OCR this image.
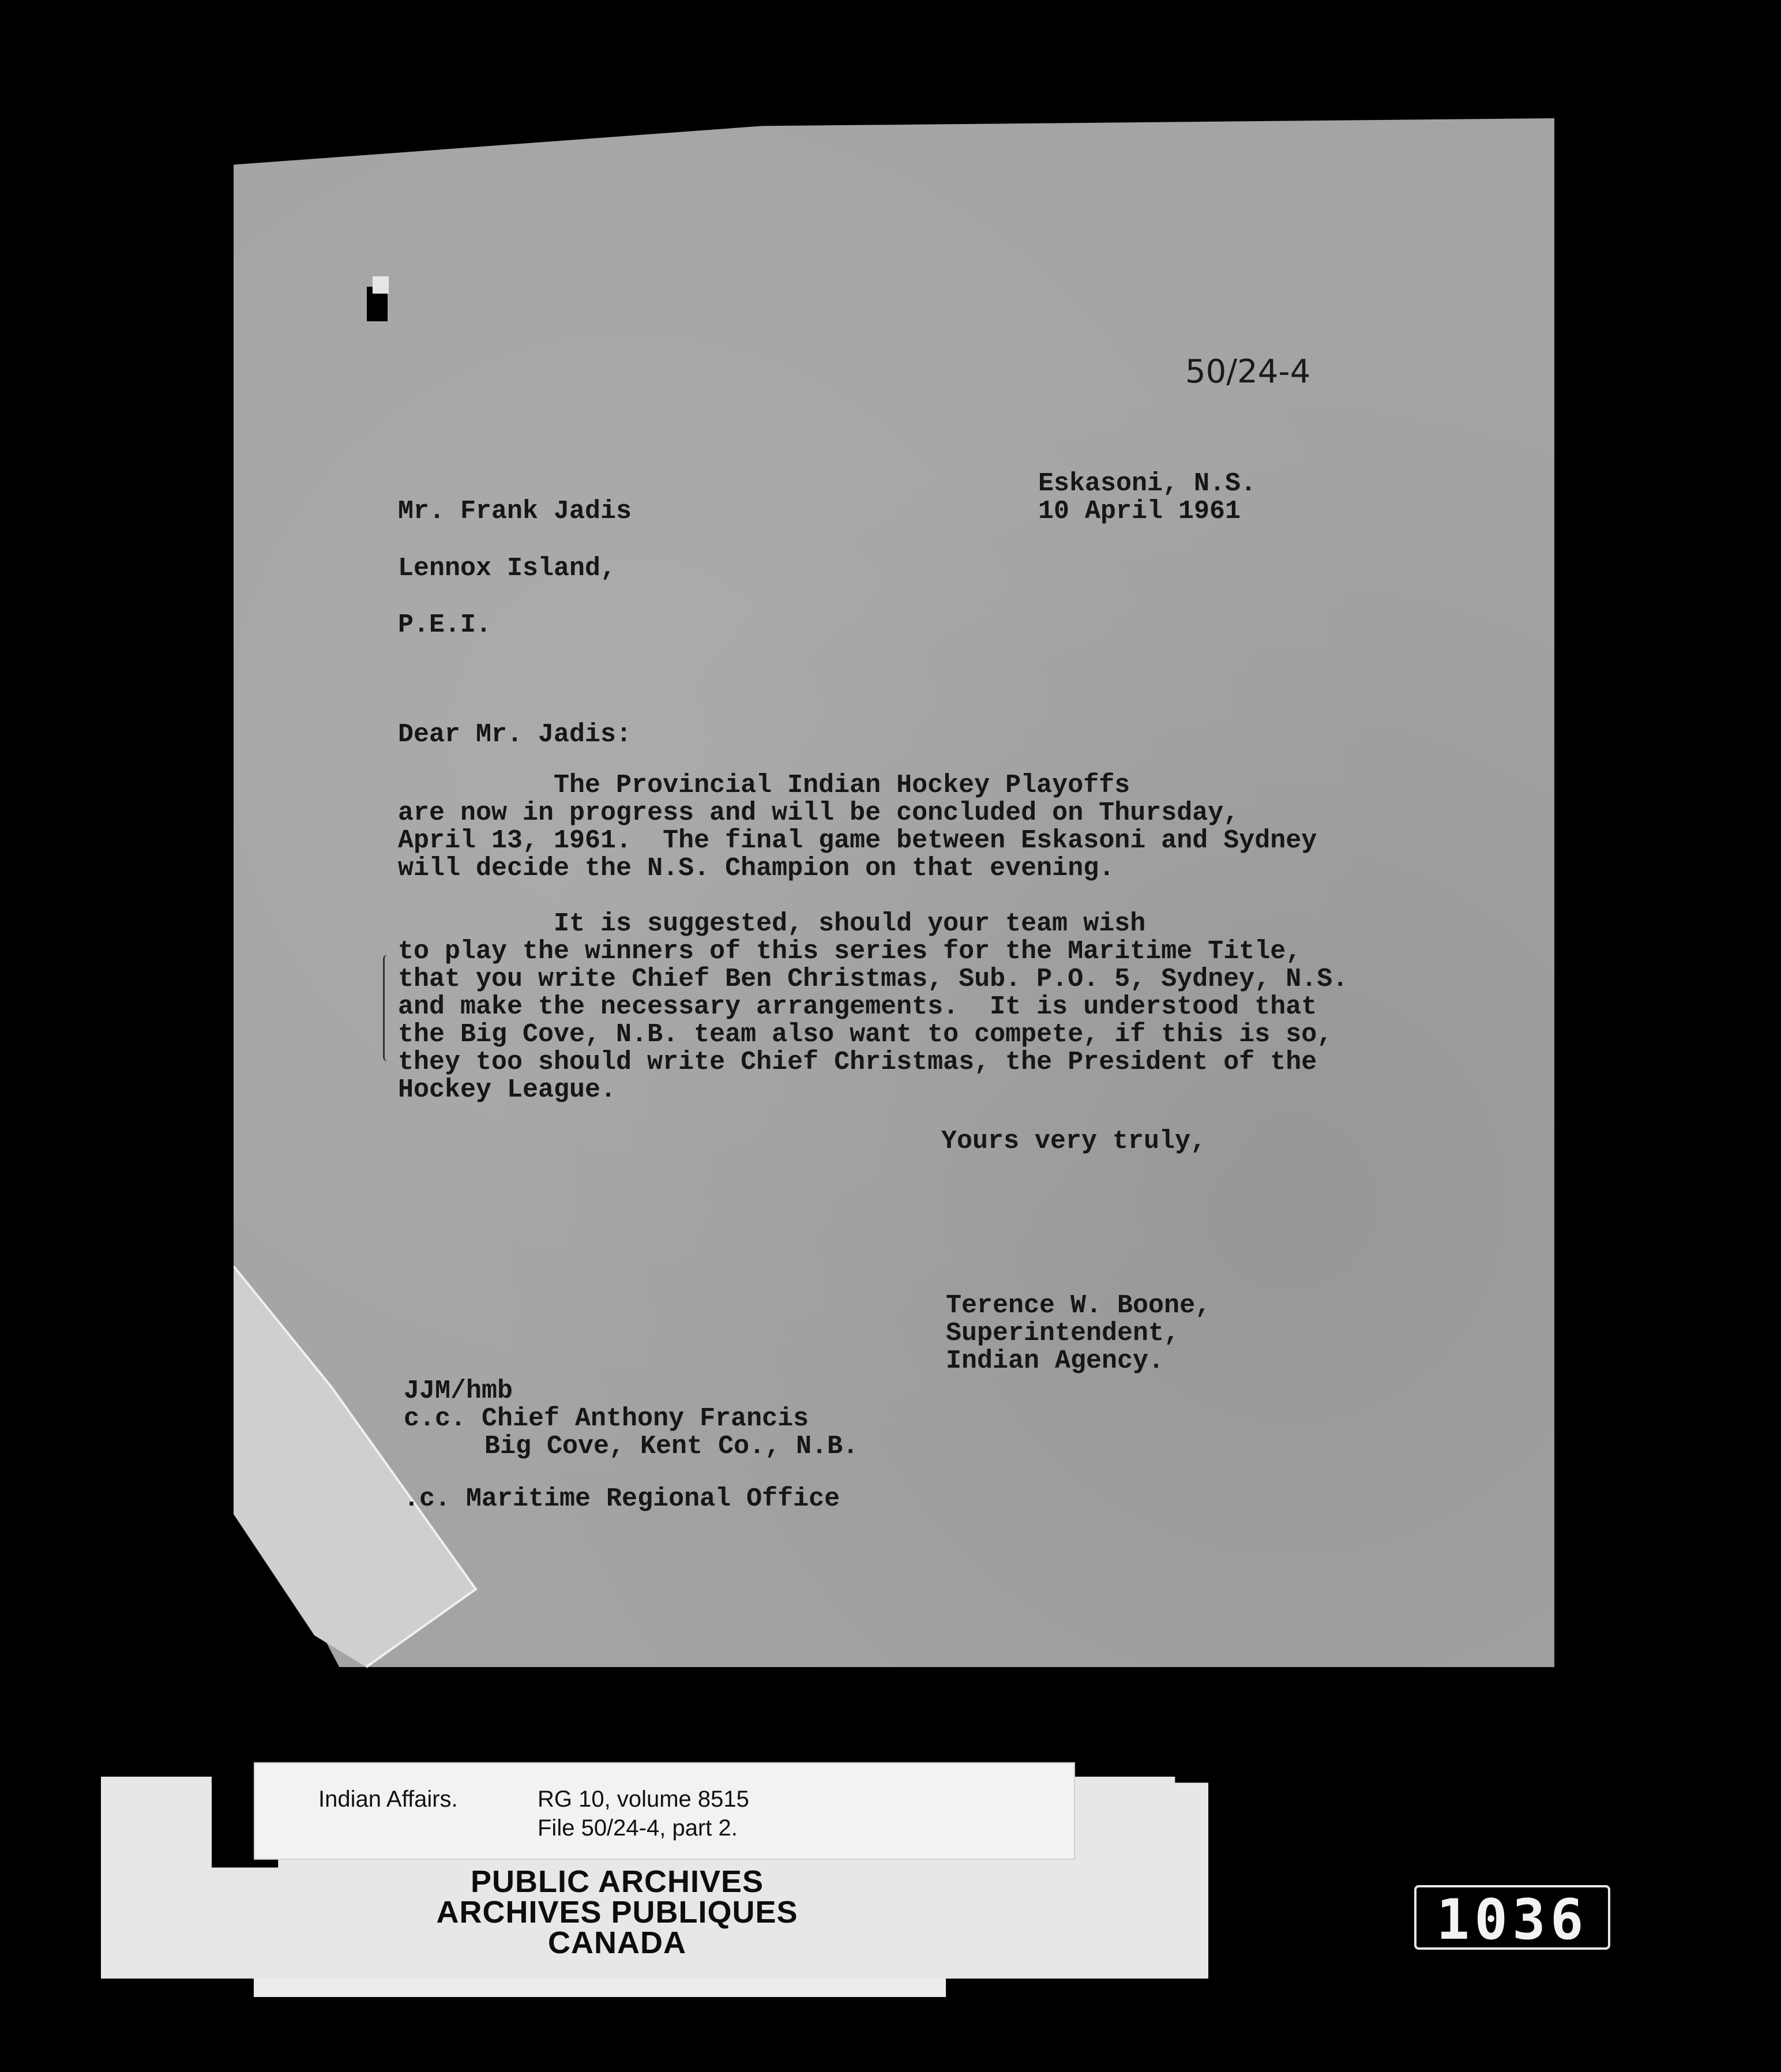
50/24-4
Eskasoni, N.S.
10 April 1961
Mr. Frank Jadis
Lennox Island,
P.E.I.
Dear Mr. Jadis:
The Provincial Indian Hockey Playoffs
are now in progress and will be concluded on Thursday,
April 13, 1961.  The final game between Eskasoni and Sydney
will decide the N.S. Champion on that evening.
It is suggested, should your team wish
to play the winners of this series for the Maritime Title,
that you write Chief Ben Christmas, Sub. P.O. 5, Sydney, N.S.
and make the necessary arrangements.  It is understood that
the Big Cove, N.B. team also want to compete, if this is so,
they too should write Chief Christmas, the President of the
Hockey League.
Yours very truly,
Terence W. Boone,
Superintendent,
Indian Agency.
JJM/hmb
c.c. Chief Anthony Francis
Big Cove, Kent Co., N.B.
.c. Maritime Regional Office
Indian Affairs.	RG 10, volume 8515
File 50/24-4, part 2.
PUBLIC ARCHIVES
ARCHIVES PUBLIQUES
CANADA	1036
